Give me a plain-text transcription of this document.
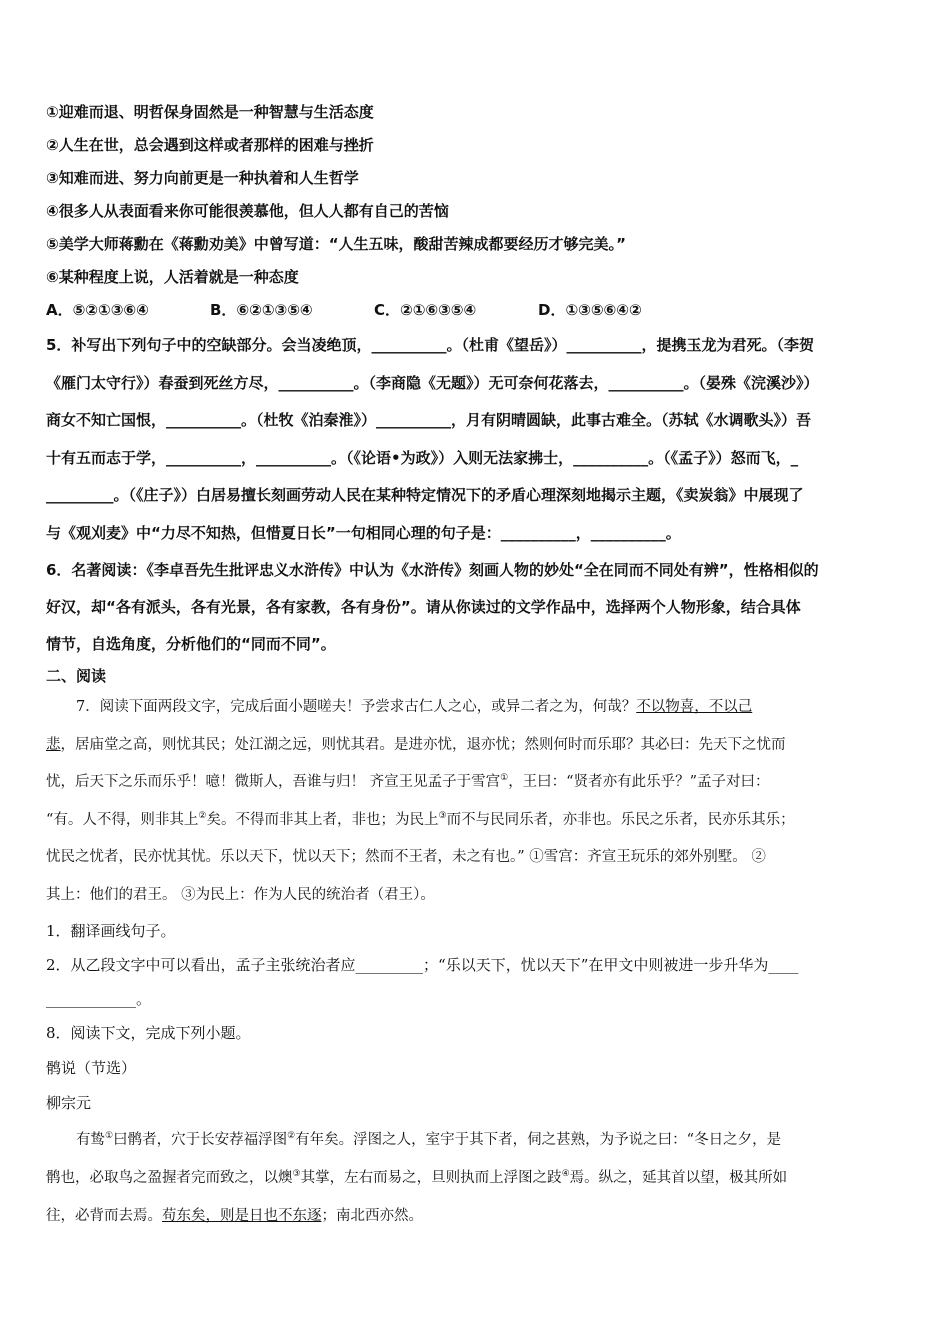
①迎难而退、明哲保身固然是一种智慧与生活态度
②人生在世，总会遇到这样或者那样的困难与挫折
③知难而进、努力向前更是一种执着和人生哲学
④很多人从表面看来你可能很羡慕他，但人人都有自己的苦恼
⑤美学大师蒋勳在《蒋勳劝美》中曾写道：“人生五味，酸甜苦辣成都要经历才够完美。”
⑥某种程度上说，人活着就是一种态度
A．⑤②①③⑥④	B．⑥②①③⑤④	C．②①⑥③⑤④	D．①③⑤⑥④②
5．补写出下列句子中的空缺部分。会当凌绝顶，__________。（杜甫《望岳》）__________，提携玉龙为君死。（李贺
《雁门太守行》）春蚕到死丝方尽，__________。（李商隐《无题》）无可奈何花落去，__________。（晏殊《浣溪沙》）
商女不知亡国恨，__________。（杜牧《泊秦淮》）__________，月有阴晴圆缺，此事古难全。（苏轼《水调歌头》）吾
十有五而志于学，__________，__________。（《论语•为政》）入则无法家拂士，__________。（《孟子》）怒而飞，_
_________。（《庄子》）白居易擅长刻画劳动人民在某种特定情况下的矛盾心理深刻地揭示主题，《卖炭翁》中展现了
与《观刈麦》中“力尽不知热，但惜夏日长”一句相同心理的句子是：__________，__________。
6．名著阅读：《李卓吾先生批评忠义水浒传》中认为《水浒传》刻画人物的妙处“全在同而不同处有辨”，性格相似的
好汉，却“各有派头，各有光景，各有家教，各有身份”。请从你读过的文学作品中，选择两个人物形象，结合具体
情节，自选角度，分析他们的“同而不同”。
二、阅读
7．阅读下面两段文字，完成后面小题嗟夫！予尝求古仁人之心，或异二者之为，何哉？不以物喜，不以己
悲，居庙堂之高，则忧其民；处江湖之远，则忧其君。是进亦忧，退亦忧；然则何时而乐耶？其必曰：先天下之忧而
忧，后天下之乐而乐乎！噫！微斯人，吾谁与归！ 齐宣王见孟子于雪宫①，王曰：“贤者亦有此乐乎？”孟子对曰：
“有。人不得，则非其上②矣。不得而非其上者，非也；为民上③而不与民同乐者，亦非也。乐民之乐者，民亦乐其乐；
忧民之忧者，民亦忧其忧。乐以天下，忧以天下；然而不王者，未之有也。” ①雪宫：齐宣王玩乐的郊外别墅。 ②
其上：他们的君王。 ③为民上：作为人民的统治者（君王）。
1．翻译画线句子。
2．从乙段文字中可以看出，孟子主张统治者应_________；“乐以天下，忧以天下”在甲文中则被进一步升华为____
____________。
8．阅读下文，完成下列小题。
鹘说（节选）
柳宗元
有鸷①曰鹘者，穴于长安荐福浮图②有年矣。浮图之人，室宇于其下者，伺之甚熟，为予说之曰：“冬日之夕，是
鹘也，必取鸟之盈握者完而致之，以燠③其掌，左右而易之，旦则执而上浮图之跂④焉。纵之，延其首以望，极其所如
往，必背而去焉。苟东矣，则是日也不东逐；南北西亦然。
